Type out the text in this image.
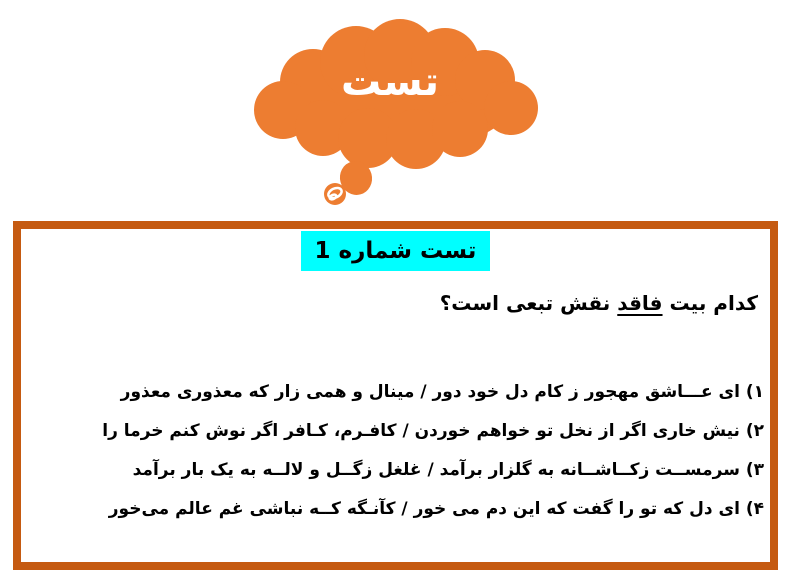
تست
تست شماره 1
کدام بیت فاقد نقش تبعی است؟
۱) ای عـــاشق مهجور ز کام دل خود دور / مینال و همی زار که معذوری معذور
۲) نیش خاری اگر از نخل تو خواهم خوردن / کافـرم، کـافر اگر نوش کنم خرما را
۳) سرمســت زکــاشــانه به گلزار برآمد / غلغل زگــل و لالــه به یک بار برآمد
۴) ای دل که تو را گفت که این دم می خور / کآنـگه کــه نباشی غم عالم می‌خور
